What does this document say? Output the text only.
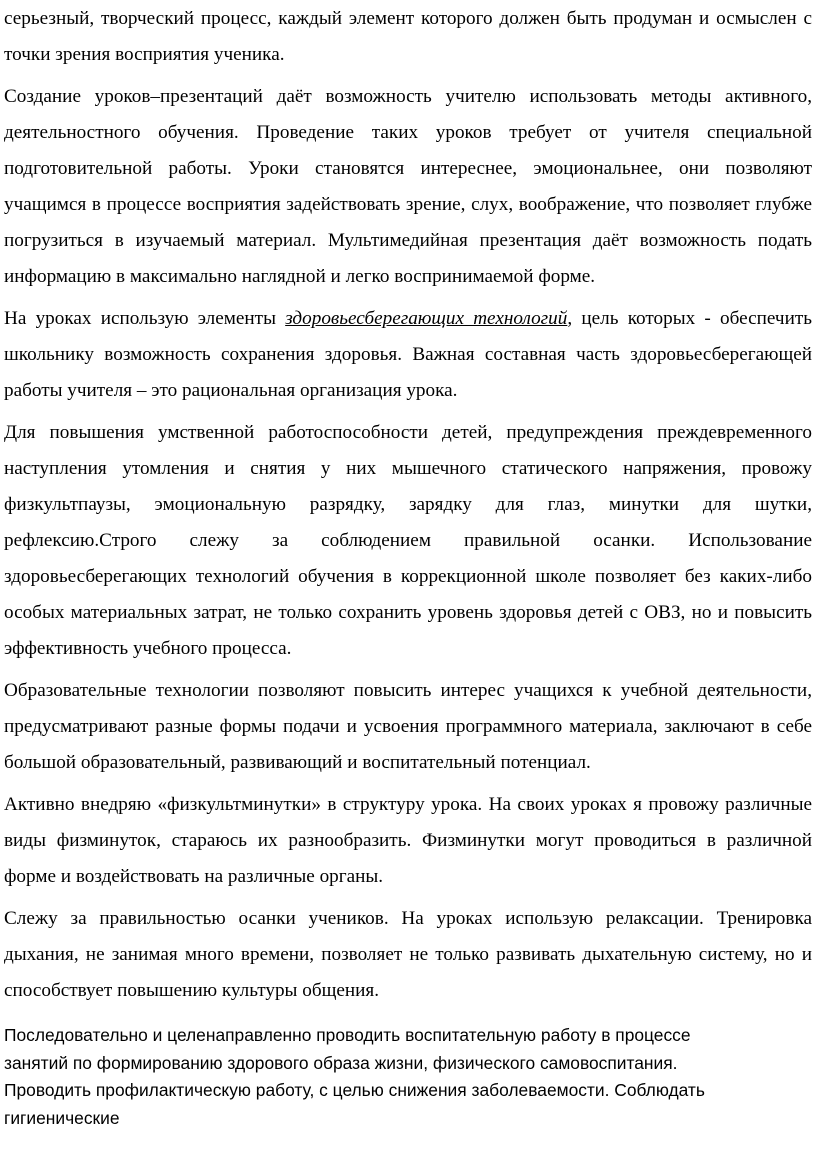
серьезный, творческий процесс, каждый элемент которого должен быть продуман и осмыслен с точки зрения восприятия ученика.

Создание уроков–презентаций даёт возможность учителю использовать методы активного, деятельностного обучения. Проведение таких уроков требует от учителя специальной подготовительной работы. Уроки становятся интереснее, эмоциональнее, они позволяют учащимся в процессе восприятия задействовать зрение, слух, воображение, что позволяет глубже погрузиться в изучаемый материал. Мультимедийная презентация даёт возможность подать информацию в максимально наглядной и легко воспринимаемой форме.

На уроках использую элементы здоровьесберегающих технологий, цель которых - обеспечить школьнику возможность сохранения здоровья. Важная составная часть здоровьесберегающей работы учителя – это рациональная организация урока.

Для повышения умственной работоспособности детей, предупреждения преждевременного наступления утомления и снятия у них мышечного статического напряжения, провожу физкультпаузы, эмоциональную разрядку, зарядку для глаз, минутки для шутки, рефлексию.Строго слежу за соблюдением правильной осанки. Использование здоровьесберегающих технологий обучения в коррекционной школе позволяет без каких-либо особых материальных затрат, не только сохранить уровень здоровья детей с ОВЗ, но и повысить эффективность учебного процесса.

Образовательные технологии позволяют повысить интерес учащихся к учебной деятельности, предусматривают разные формы подачи и усвоения программного материала, заключают в себе большой образовательный, развивающий и воспитательный потенциал.

Активно внедряю «физкультминутки» в структуру урока. На своих уроках я провожу различные виды физминуток, стараюсь их разнообразить. Физминутки могут проводиться в различной форме и воздействовать на различные органы.

Слежу за правильностью осанки учеников. На уроках использую релаксации. Тренировка дыхания, не занимая много времени, позволяет не только развивать дыхательную систему, но и способствует повышению культуры общения.

Последовательно и целенаправленно проводить воспитательную работу в процессе

занятий по формированию здорового образа жизни, физического самовоспитания.

Проводить профилактическую работу, с целью снижения заболеваемости. Соблюдать

гигиенические
